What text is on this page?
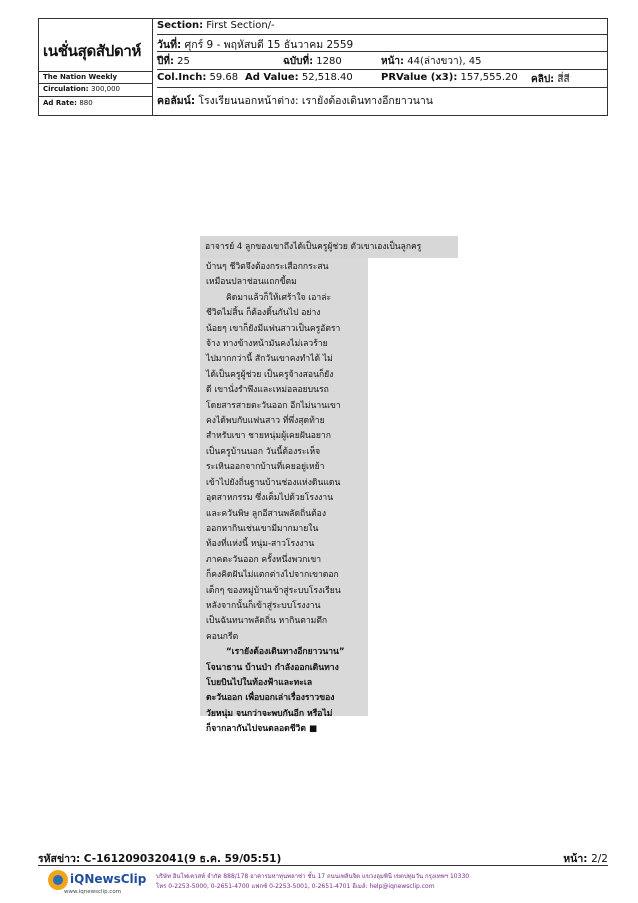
เนชั่นสุดสัปดาห์
The Nation Weekly
Circulation: 300,000
Ad Rate: 880
Section: First Section/-
วันที่: ศุกร์ 9 - พฤหัสบดี 15 ธันวาคม 2559
ปีที่: 25	ฉบับที่: 1280	หน้า: 44(ล่างขวา), 45
Col.Inch: 59.68 Ad Value: 52,518.40	PRValue (x3): 157,555.20 คลิป: สี่สี
คอลัมน์: โรงเรียนนอกหน้าต่าง: เรายังต้องเดินทางอีกยาวนาน
อาจารย์ 4 ลูกของเขาถึงได้เป็นครูผู้ช่วย ตัวเขาเองเป็นลูกครู

บ้านๆ ชีวิตจึงต้องกระเสือกกระสน

เหมือนปลาช่อนแถกขี้ตม

คิดมาแล้วก็ให้เศร้าใจ เอาล่ะ

ชีวิตไม่สิ้น ก็ต้องดิ้นกันไป อย่าง

น้อยๆ เขาก็ยังมีแฟนสาวเป็นครูอัตรา

จ้าง ทางข้างหน้ามันคงไม่เลวร้าย

ไปมากกว่านี้ สักวันเขาคงทำได้ ไม่

ได้เป็นครูผู้ช่วย เป็นครูจ้างสอนก็ยัง

ดี เขานั่งรำพึงและเหม่อลอยบนรถ

โดยสารสายตะวันออก อีกไม่นานเขา

คงได้พบกับแฟนสาว ที่พึ่งสุดท้าย

สำหรับเขา ชายหนุ่มผู้เคยฝันอยาก

เป็นครูบ้านนอก วันนี้ต้องระเห็จ

ระเหินออกจากบ้านที่เคยอยู่เหย้า

เข้าไปยังถิ่นฐานบ้านช่องแห่งดินแดน

อุตสาหกรรม ซึ่งเต็มไปด้วยโรงงาน

และควันพิษ ลูกอีสานพลัดถิ่นต้อง

ออกหากินเช่นเขามีมากมายใน

ท้องที่แห่งนี้ หนุ่ม-สาวโรงงาน

ภาคตะวันออก ครั้งหนึ่งพวกเขา

ก็คงคิดฝันไม่แตกต่างไปจากเขาดอก

เด็กๆ ของหมู่บ้านเข้าสู่ระบบโรงเรียน

หลังจากนั้นก็เข้าสู่ระบบโรงงาน

เป็นฉันทนาพลัดถิ่น หากินตามตึก

คอนกรีต

“เรายังต้องเดินทางอีกยาวนาน”

โจนาธาน บ้านป่า กำลังออกเดินทาง

โบยบินไปในท้องฟ้าและทะเล

ตะวันออก เพื่อบอกเล่าเรื่องราวของ

วัยหนุ่ม จนกว่าจะพบกันอีก หรือไม่

ก็จากลากันไปจนตลอดชีวิต ■

รหัสข่าว: C-161209032041(9 ธ.ค. 59/05:51)	หน้า: 2/2
iQNewsClip
www.iqnewsclip.com
บริษัท อินโฟเควสท์ จำกัด 888/178 อาคารมหาทุนพลาซ่า ชั้น 17 ถนนเพลินจิต แขวงลุมพินี เขตปทุมวัน กรุงเทพฯ 10330
โทร 0-2253-5000, 0-2651-4700 แฟกซ์ 0-2253-5001, 0-2651-4701 อีเมล์: help@iqnewsclip.com
